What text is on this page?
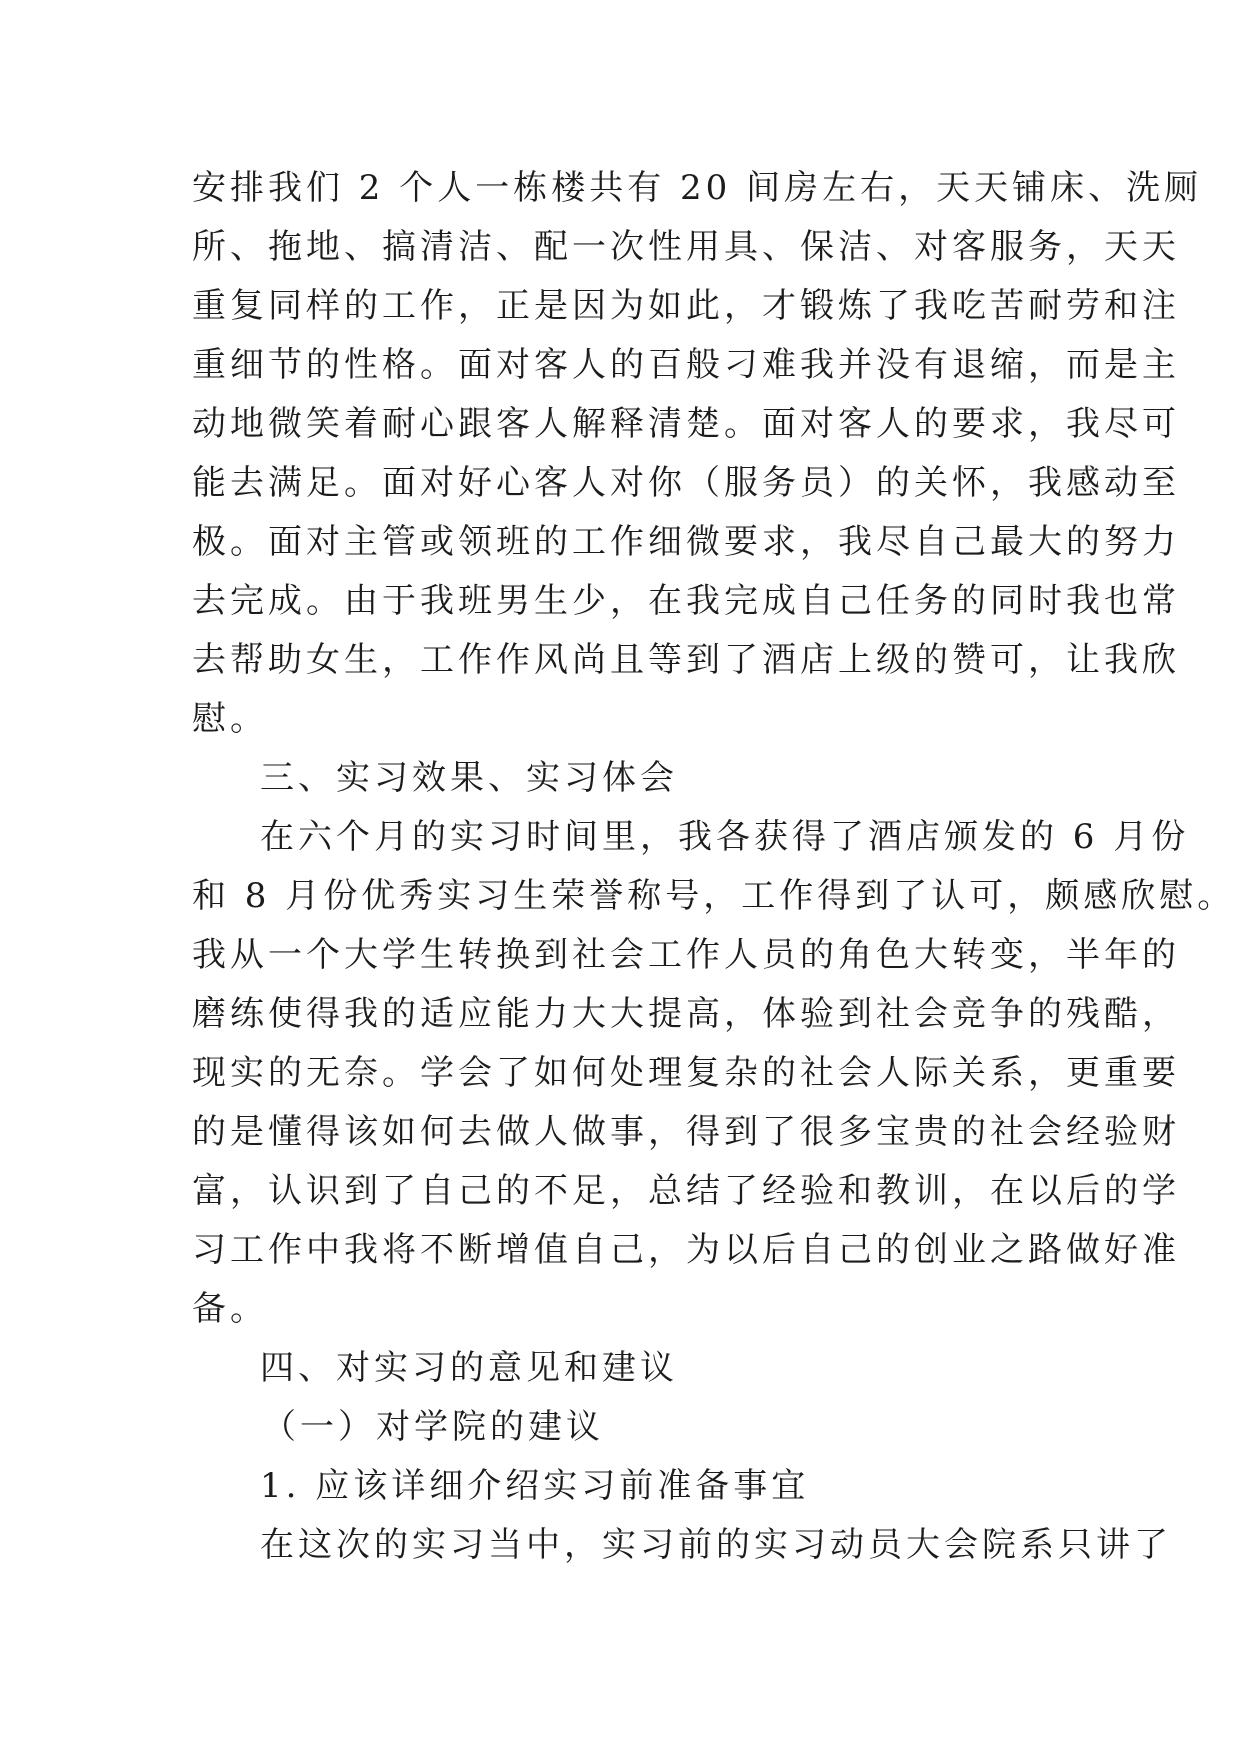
安排我们 2 个人一栋楼共有 20 间房左右，天天铺床、洗厕
所、拖地、搞清洁、配一次性用具、保洁、对客服务，天天
重复同样的工作，正是因为如此，才锻炼了我吃苦耐劳和注
重细节的性格。面对客人的百般刁难我并没有退缩，而是主
动地微笑着耐心跟客人解释清楚。面对客人的要求，我尽可
能去满足。面对好心客人对你（服务员）的关怀，我感动至
极。面对主管或领班的工作细微要求，我尽自己最大的努力
去完成。由于我班男生少，在我完成自己任务的同时我也常
去帮助女生，工作作风尚且等到了酒店上级的赞可，让我欣
慰。
三、实习效果、实习体会
在六个月的实习时间里，我各获得了酒店颁发的 6 月份
和 8 月份优秀实习生荣誉称号，工作得到了认可，颇感欣慰。
我从一个大学生转换到社会工作人员的角色大转变，半年的
磨练使得我的适应能力大大提高，体验到社会竞争的残酷，
现实的无奈。学会了如何处理复杂的社会人际关系，更重要
的是懂得该如何去做人做事，得到了很多宝贵的社会经验财
富，认识到了自己的不足，总结了经验和教训，在以后的学
习工作中我将不断增值自己，为以后自己的创业之路做好准
备。
四、对实习的意见和建议
（一）对学院的建议
1. 应该详细介绍实习前准备事宜
在这次的实习当中，实习前的实习动员大会院系只讲了
